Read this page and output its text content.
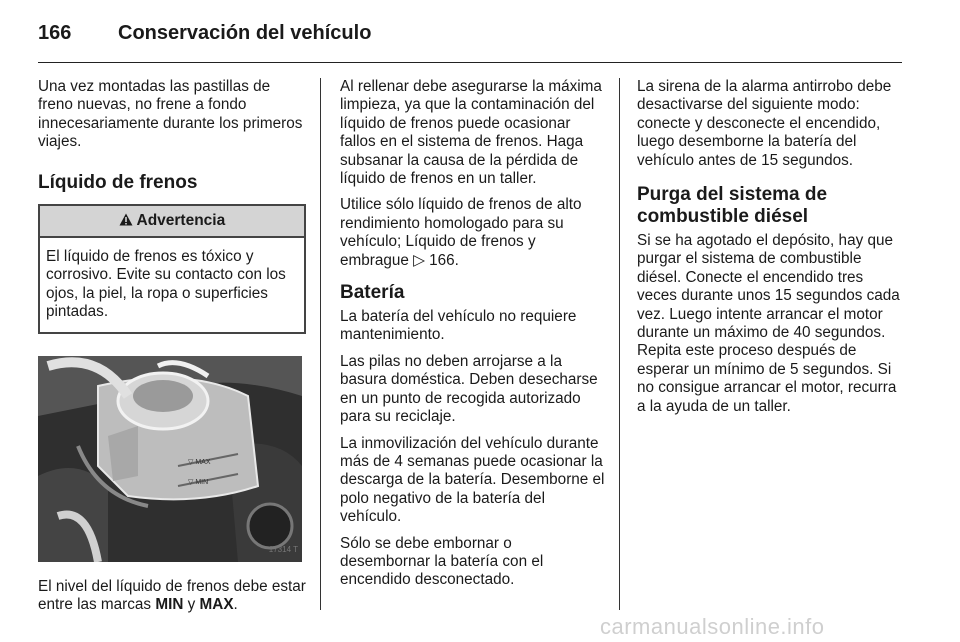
166 Conservación del vehículo

Una vez montadas las pastillas de freno nuevas, no frene a fondo innecesariamente durante los primeros viajes.

Líquido de frenos
Advertencia
El líquido de frenos es tóxico y corrosivo. Evite su contacto con los ojos, la piel, la ropa o superficies pintadas.
▽ MAX
▽ MIN
17314 T

El nivel del líquido de frenos debe estar entre las marcas MIN y MAX.

Al rellenar debe asegurarse la máxima limpieza, ya que la contaminación del líquido de frenos puede ocasionar fallos en el sistema de frenos. Haga subsanar la causa de la pérdida de líquido de frenos en un taller.

Utilice sólo líquido de frenos de alto rendimiento homologado para su vehículo; Líquido de frenos y embrague ▷ 166.

Batería

La batería del vehículo no requiere mantenimiento.

Las pilas no deben arrojarse a la basura doméstica. Deben desecharse en un punto de recogida autorizado para su reciclaje.

La inmovilización del vehículo durante más de 4 semanas puede ocasionar la descarga de la batería. Desemborne el polo negativo de la batería del vehículo.

Sólo se debe embornar o desembornar la batería con el encendido desconectado.

La sirena de la alarma antirrobo debe desactivarse del siguiente modo: conecte y desconecte el encendido, luego desemborne la batería del vehículo antes de 15 segundos.

Purga del sistema de
combustible diésel

Si se ha agotado el depósito, hay que purgar el sistema de combustible diésel. Conecte el encendido tres veces durante unos 15 segundos cada vez. Luego intente arrancar el motor durante un máximo de 40 segundos. Repita este proceso después de esperar un mínimo de 5 segundos. Si no consigue arrancar el motor, recurra a la ayuda de un taller.

carmanualsonline.info
